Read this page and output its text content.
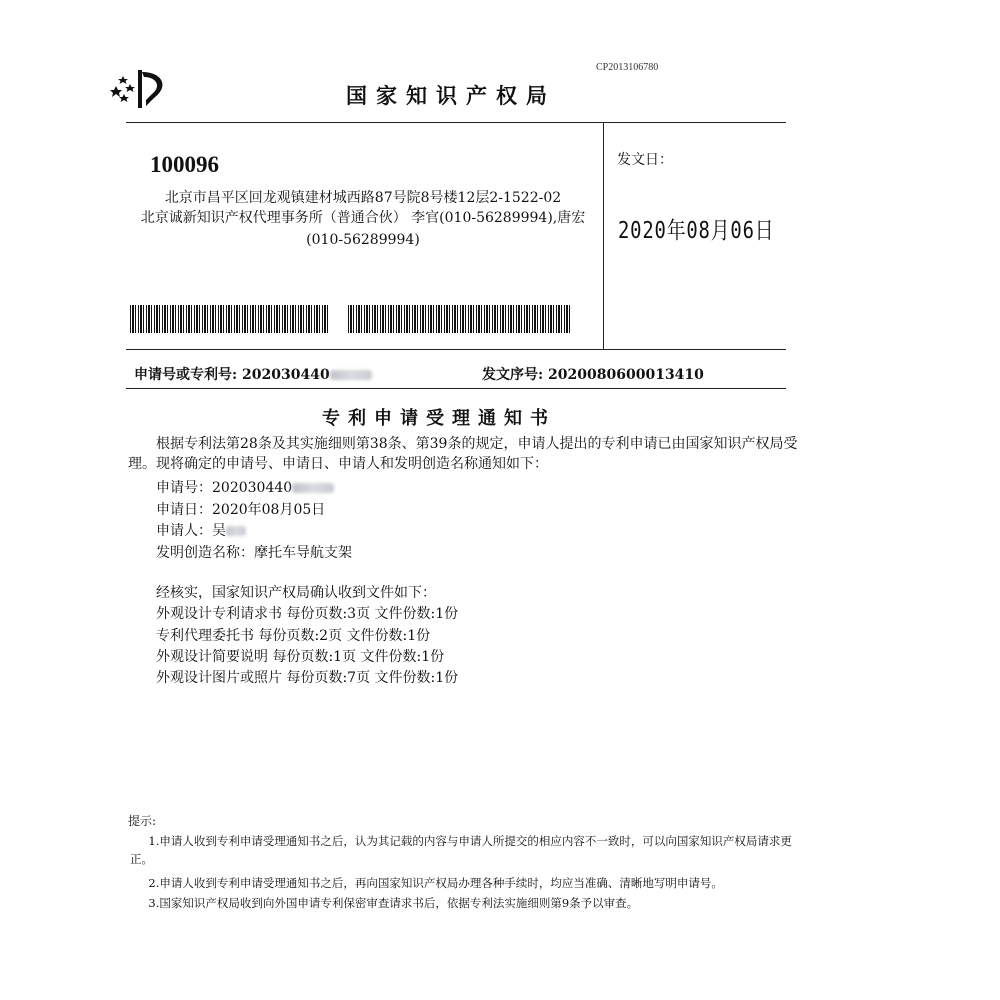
CP2013106780
国家知识产权局
100096
北京市昌平区回龙观镇建材城西路87号院8号楼12层2-1522-02
北京诚新知识产权代理事务所（普通合伙） 李官(010-56289994),唐宏
(010-56289994)
发文日：
2020年08月06日
申请号或专利号: 202030440	发文序号: 2020080600013410
专利申请受理通知书
根据专利法第28条及其实施细则第38条、第39条的规定，申请人提出的专利申请已由国家知识产权局受理。现将确定的申请号、申请日、申请人和发明创造名称通知如下：
申请号：202030440
申请日：2020年08月05日
申请人：吴
发明创造名称：摩托车导航支架
经核实，国家知识产权局确认收到文件如下：
外观设计专利请求书 每份页数:3页 文件份数:1份
专利代理委托书 每份页数:2页 文件份数:1份
外观设计简要说明 每份页数:1页 文件份数:1份
外观设计图片或照片 每份页数:7页 文件份数:1份
提示:
1.申请人收到专利申请受理通知书之后，认为其记载的内容与申请人所提交的相应内容不一致时，可以向国家知识产权局请求更正。
2.申请人收到专利申请受理通知书之后，再向国家知识产权局办理各种手续时，均应当准确、清晰地写明申请号。
3.国家知识产权局收到向外国申请专利保密审查请求书后，依据专利法实施细则第9条予以审查。
